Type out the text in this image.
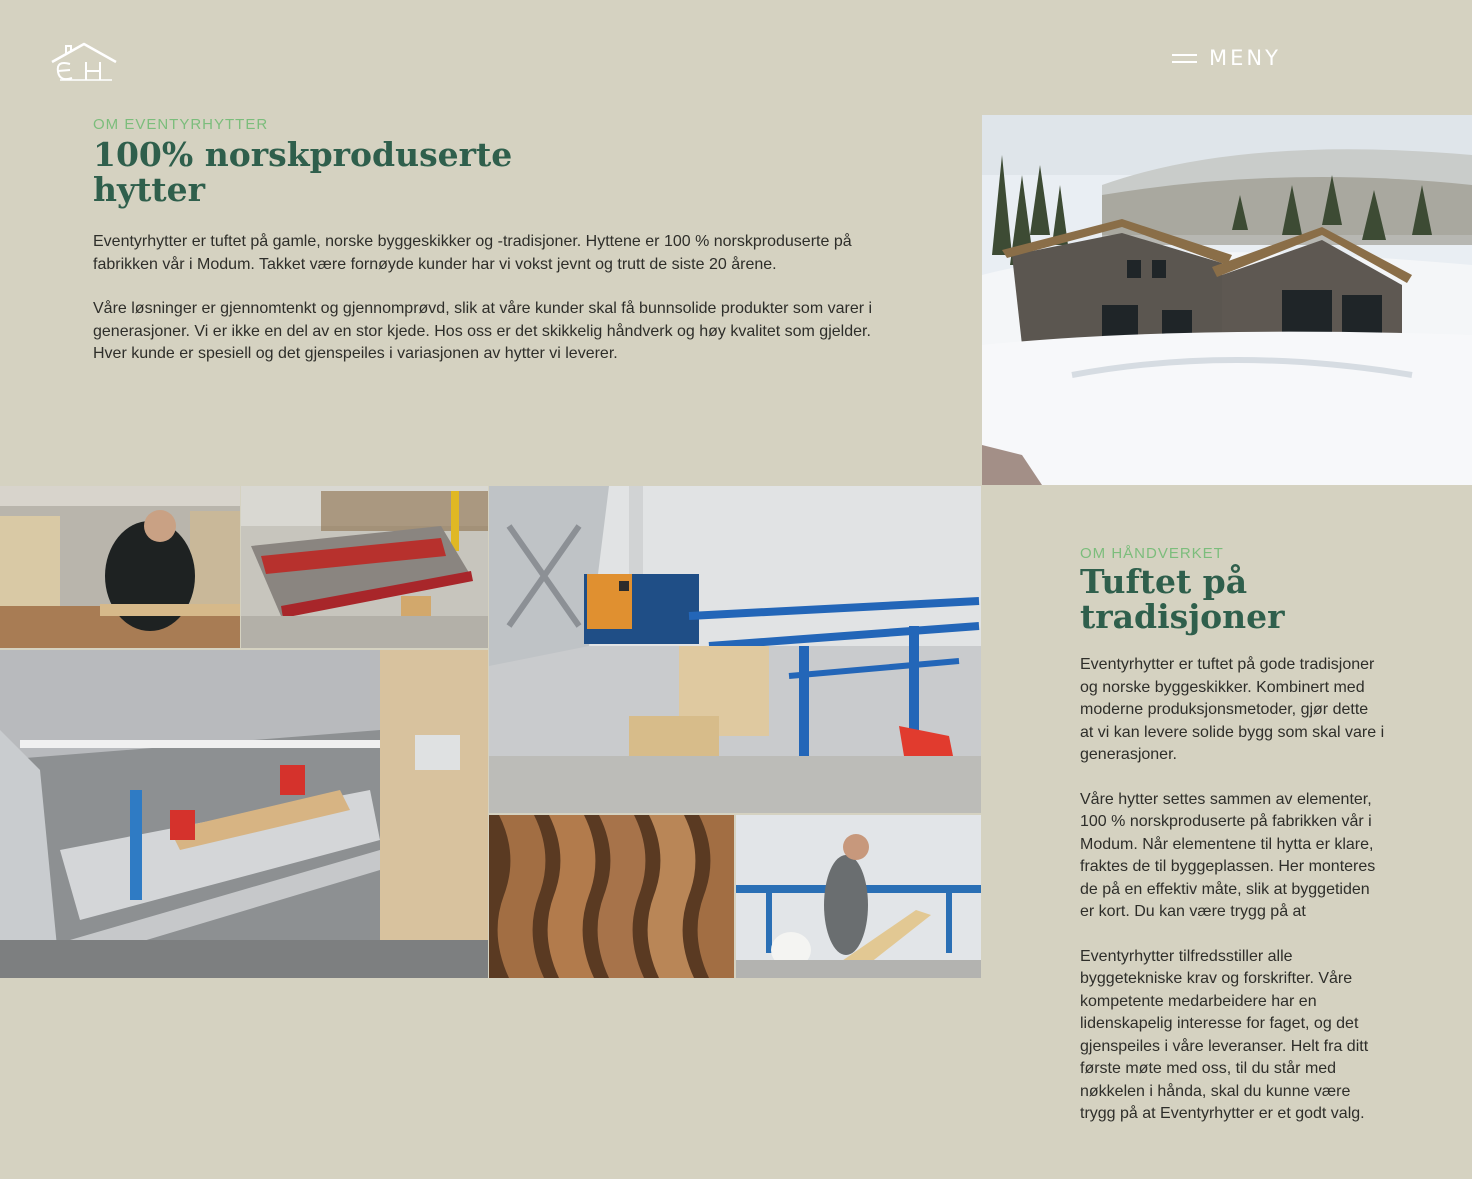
MENY
OM EVENTYRHYTTER
100% norskproduserte hytter

Eventyrhytter er tuftet på gamle, norske byggeskikker og -tradisjoner. Hyttene er 100 % norskproduserte på fabrikken vår i Modum. Takket være fornøyde kunder har vi vokst jevnt og trutt de siste 20 årene.

Våre løsninger er gjennomtenkt og gjennomprøvd, slik at våre kunder skal få bunnsolide produkter som varer i generasjoner. Vi er ikke en del av en stor kjede. Hos oss er det skikkelig håndverk og høy kvalitet som gjelder. Hver kunde er spesiell og det gjenspeiles i variasjonen av hytter vi leverer.

OM HÅNDVERKET
Tuftet på tradisjoner

Eventyrhytter er tuftet på gode tradisjoner og norske byggeskikker. Kombinert med moderne produksjonsmetoder, gjør dette at vi kan levere solide bygg som skal vare i generasjoner.

Våre hytter settes sammen av elementer, 100 % norskproduserte på fabrikken vår i Modum. Når elementene til hytta er klare, fraktes de til byggeplassen. Her monteres de på en effektiv måte, slik at byggetiden er kort. Du kan være trygg på at

Eventyrhytter tilfredsstiller alle byggetekniske krav og forskrifter. Våre kompetente medarbeidere har en lidenskapelig interesse for faget, og det gjenspeiles i våre leveranser. Helt fra ditt første møte med oss, til du står med nøkkelen i hånda, skal du kunne være trygg på at Eventyrhytter er et godt valg.
